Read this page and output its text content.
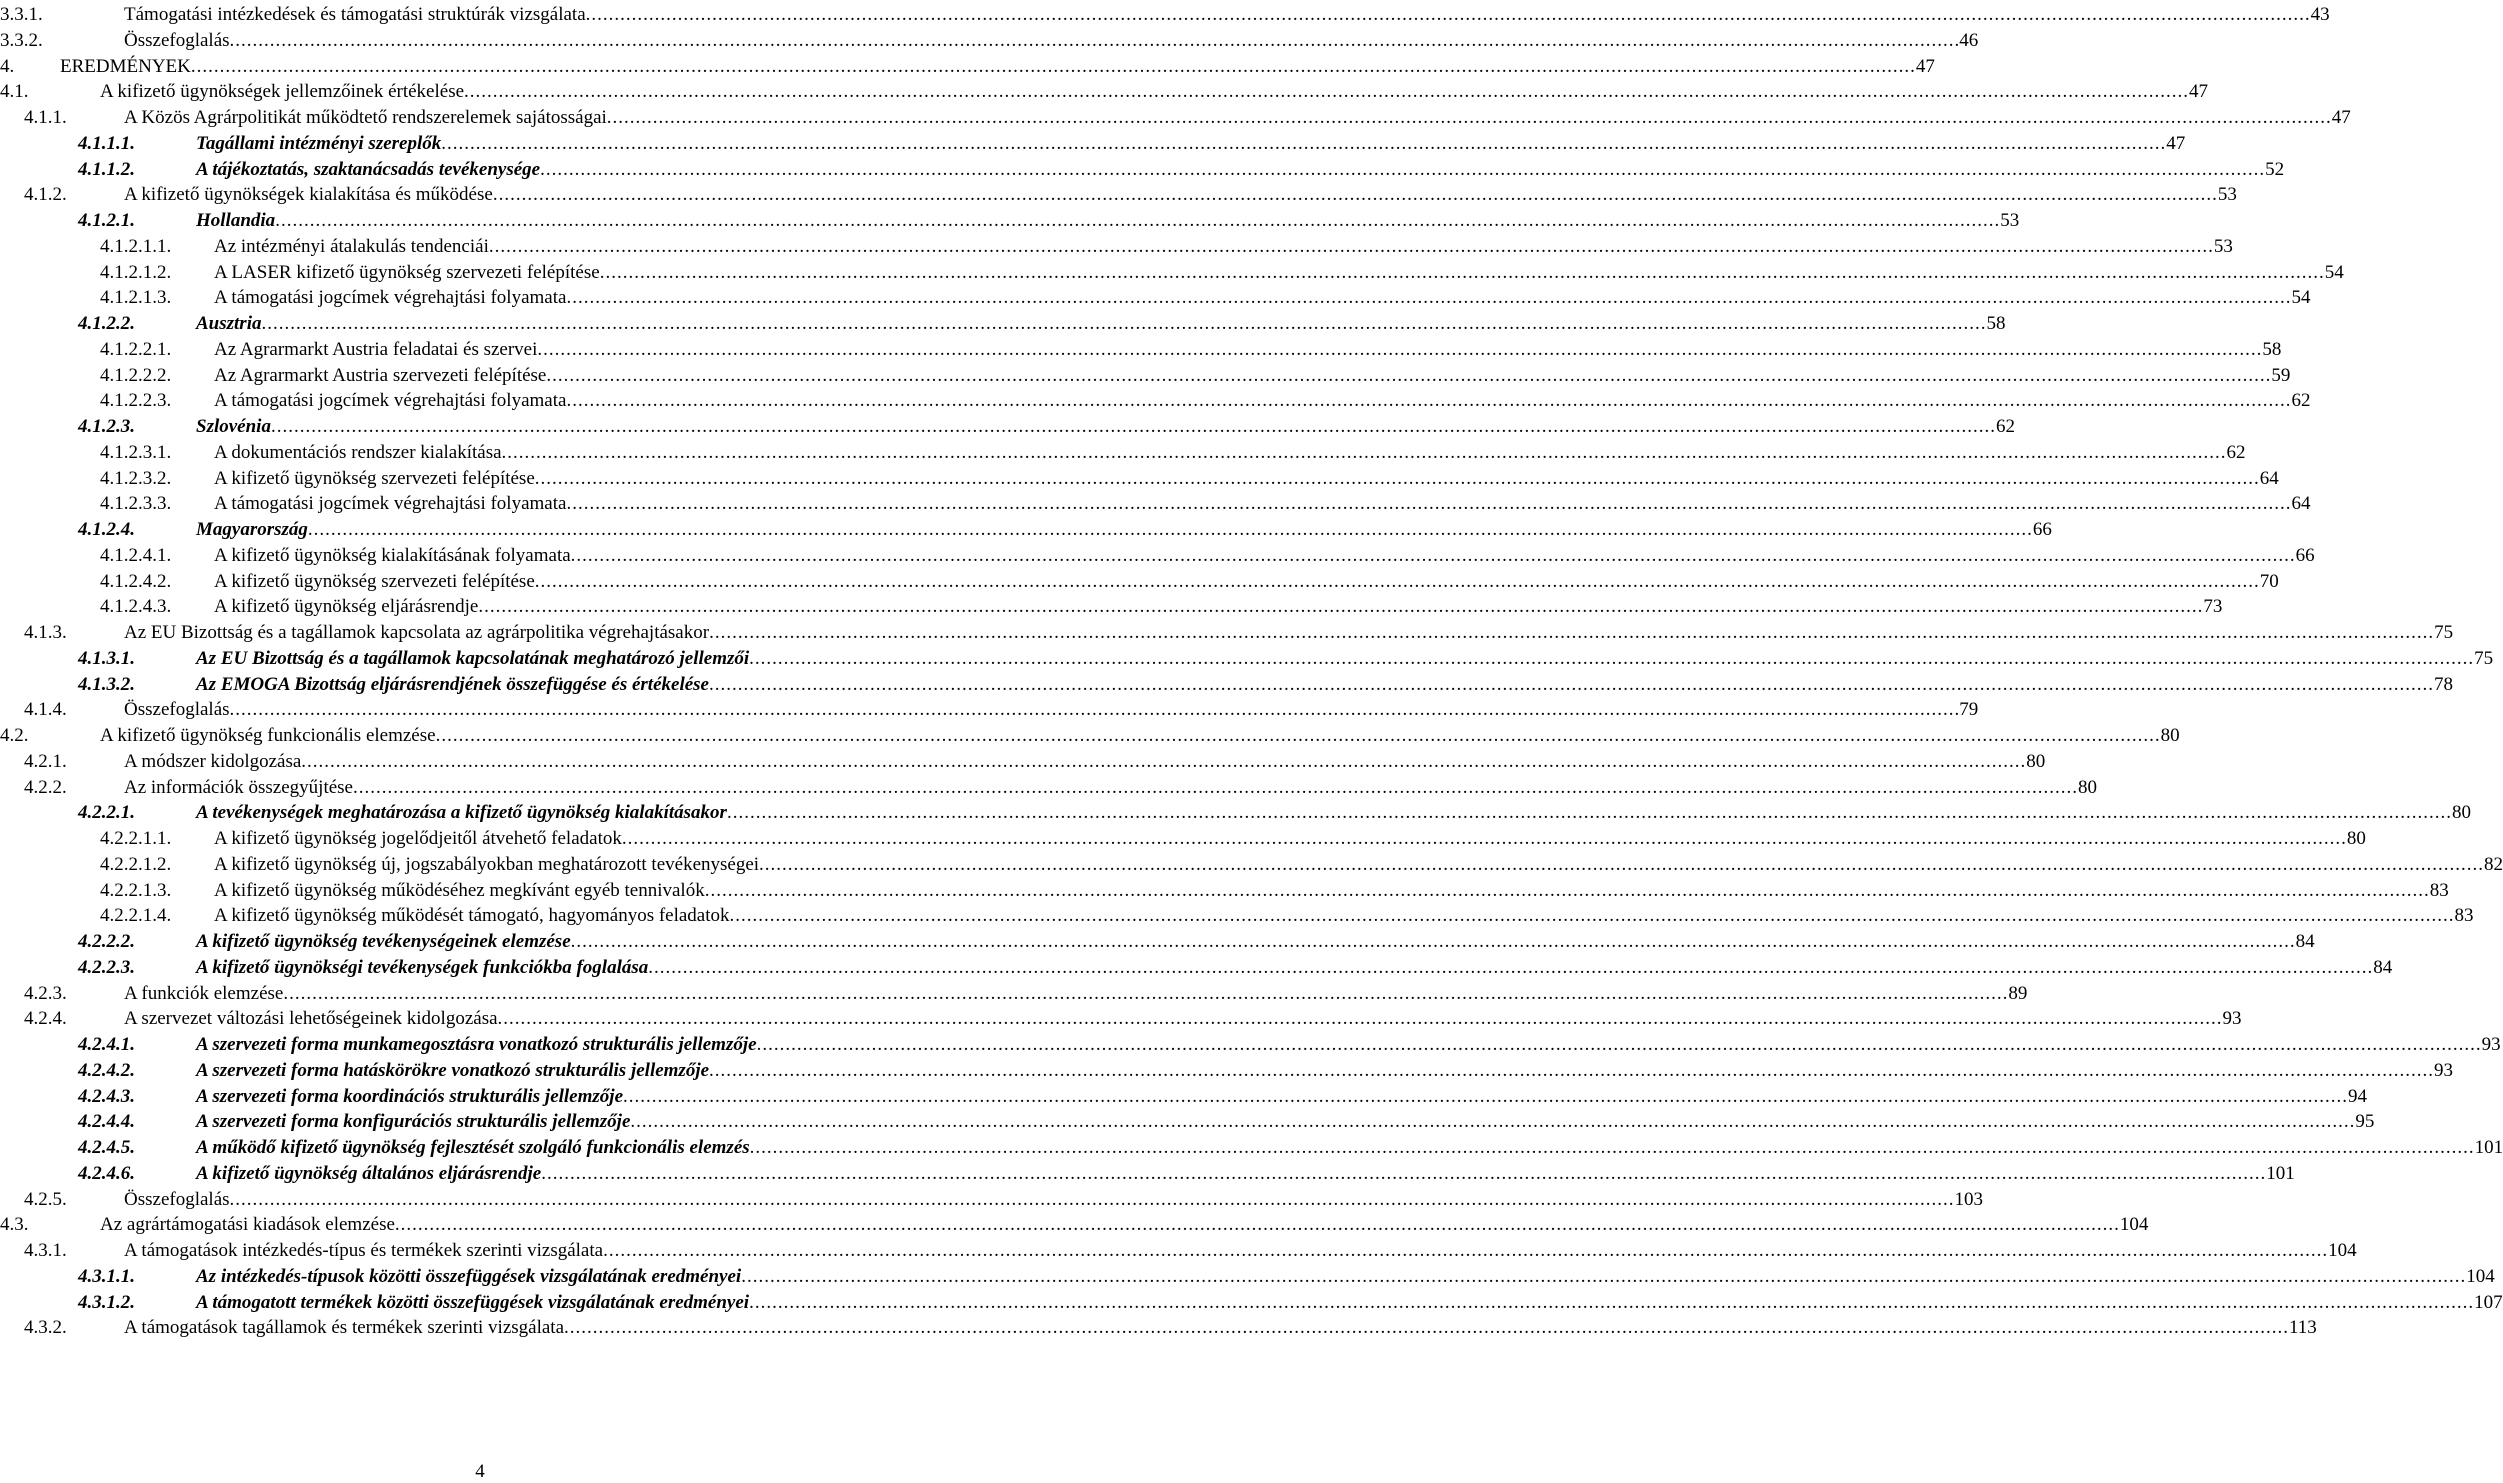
3.3.1.	Támogatási intézkedések és támogatási struktúrák vizsgálata ............................................................................................................................................................................................................................................................................................................ 43
3.3.2.	Összefoglalás ............................................................................................................................................................................................................................................................................................................ .46
4. EREDMÉNYEK ............................................................................................................................................................................................................................................................................................................ 47
4.1.	A kifizető ügynökségek jellemzőinek értékelése ............................................................................................................................................................................................................................................................................................................ 47
4.1.1.	A Közös Agrárpolitikát működtető rendszerelemek sajátosságai ............................................................................................................................................................................................................................................................................................................ 47
4.1.1.1.	Tagállami intézményi szereplők ............................................................................................................................................................................................................................................................................................................ 47
4.1.1.2.	A tájékoztatás, szaktanácsadás tevékenysége ............................................................................................................................................................................................................................................................................................................ 52
4.1.2.	A kifizető ügynökségek kialakítása és működése ............................................................................................................................................................................................................................................................................................................ 53
4.1.2.1.	Hollandia ............................................................................................................................................................................................................................................................................................................ 53
4.1.2.1.1. Az intézményi átalakulás tendenciái ............................................................................................................................................................................................................................................................................................................ 53
4.1.2.1.2. A LASER kifizető ügynökség szervezeti felépítése ............................................................................................................................................................................................................................................................................................................ 54
4.1.2.1.3. A támogatási jogcímek végrehajtási folyamata ............................................................................................................................................................................................................................................................................................................ 54
4.1.2.2.	Ausztria ............................................................................................................................................................................................................................................................................................................ 58
4.1.2.2.1. Az Agrarmarkt Austria feladatai és szervei ............................................................................................................................................................................................................................................................................................................ 58
4.1.2.2.2. Az Agrarmarkt Austria szervezeti felépítése ............................................................................................................................................................................................................................................................................................................ 59
4.1.2.2.3. A támogatási jogcímek végrehajtási folyamata ............................................................................................................................................................................................................................................................................................................ 62
4.1.2.3.	Szlovénia ............................................................................................................................................................................................................................................................................................................ 62
4.1.2.3.1. A dokumentációs rendszer kialakítása ............................................................................................................................................................................................................................................................................................................ 62
4.1.2.3.2. A kifizető ügynökség szervezeti felépítése ............................................................................................................................................................................................................................................................................................................ 64
4.1.2.3.3. A támogatási jogcímek végrehajtási folyamata ............................................................................................................................................................................................................................................................................................................ 64
4.1.2.4.	Magyarország ............................................................................................................................................................................................................................................................................................................ 66
4.1.2.4.1. A kifizető ügynökség kialakításának folyamata ............................................................................................................................................................................................................................................................................................................ 66
4.1.2.4.2. A kifizető ügynökség szervezeti felépítése ............................................................................................................................................................................................................................................................................................................ 70
4.1.2.4.3. A kifizető ügynökség eljárásrendje ............................................................................................................................................................................................................................................................................................................ 73
4.1.3.	Az EU Bizottság és a tagállamok kapcsolata az agrárpolitika végrehajtásakor ............................................................................................................................................................................................................................................................................................................ 75
4.1.3.1.	Az EU Bizottság és a tagállamok kapcsolatának meghatározó jellemzői ............................................................................................................................................................................................................................................................................................................ 75
4.1.3.2.	Az EMOGA Bizottság eljárásrendjének összefüggése és értékelése ............................................................................................................................................................................................................................................................................................................ 78
4.1.4.	Összefoglalás ............................................................................................................................................................................................................................................................................................................ .79
4.2.	A kifizető ügynökség funkcionális elemzése ............................................................................................................................................................................................................................................................................................................ 80
4.2.1.	A módszer kidolgozása ............................................................................................................................................................................................................................................................................................................ 80
4.2.2.	Az információk összegyűjtése ............................................................................................................................................................................................................................................................................................................ 80
4.2.2.1.	A tevékenységek meghatározása a kifizető ügynökség kialakításakor ............................................................................................................................................................................................................................................................................................................ 80
4.2.2.1.1. A kifizető ügynökség jogelődjeitől átvehető feladatok ............................................................................................................................................................................................................................................................................................................ 80
4.2.2.1.2. A kifizető ügynökség új, jogszabályokban meghatározott tevékenységei ............................................................................................................................................................................................................................................................................................................ 82
4.2.2.1.3. A kifizető ügynökség működéséhez megkívánt egyéb tennivalók ............................................................................................................................................................................................................................................................................................................ 83
4.2.2.1.4. A kifizető ügynökség működését támogató, hagyományos feladatok ............................................................................................................................................................................................................................................................................................................ 83
4.2.2.2.	A kifizető ügynökség tevékenységeinek elemzése ............................................................................................................................................................................................................................................................................................................ 84
4.2.2.3.	A kifizető ügynökségi tevékenységek funkciókba foglalása ............................................................................................................................................................................................................................................................................................................ 84
4.2.3.	A funkciók elemzése ............................................................................................................................................................................................................................................................................................................ 89
4.2.4.	A szervezet változási lehetőségeinek kidolgozása ............................................................................................................................................................................................................................................................................................................ 93
4.2.4.1.	A szervezeti forma munkamegosztásra vonatkozó strukturális jellemzője ............................................................................................................................................................................................................................................................................................................ 93
4.2.4.2.	A szervezeti forma hatáskörökre vonatkozó strukturális jellemzője ............................................................................................................................................................................................................................................................................................................ 93
4.2.4.3.	A szervezeti forma koordinációs strukturális jellemzője ............................................................................................................................................................................................................................................................................................................ 94
4.2.4.4.	A szervezeti forma konfigurációs strukturális jellemzője ............................................................................................................................................................................................................................................................................................................ 95
4.2.4.5.	A működő kifizető ügynökség fejlesztését szolgáló funkcionális elemzés ............................................................................................................................................................................................................................................................................................................ 101
4.2.4.6.	A kifizető ügynökség általános eljárásrendje ............................................................................................................................................................................................................................................................................................................ 101
4.2.5.	Összefoglalás ............................................................................................................................................................................................................................................................................................................ 103
4.3.	Az agrártámogatási kiadások elemzése ............................................................................................................................................................................................................................................................................................................ 104
4.3.1.	A támogatások intézkedés-típus és termékek szerinti vizsgálata ............................................................................................................................................................................................................................................................................................................ 104
4.3.1.1.	Az intézkedés-típusok közötti összefüggések vizsgálatának eredményei ............................................................................................................................................................................................................................................................................................................ 104
4.3.1.2.	A támogatott termékek közötti összefüggések vizsgálatának eredményei ............................................................................................................................................................................................................................................................................................................ 107
4.3.2.	A támogatások tagállamok és termékek szerinti vizsgálata ............................................................................................................................................................................................................................................................................................................ 113
4
